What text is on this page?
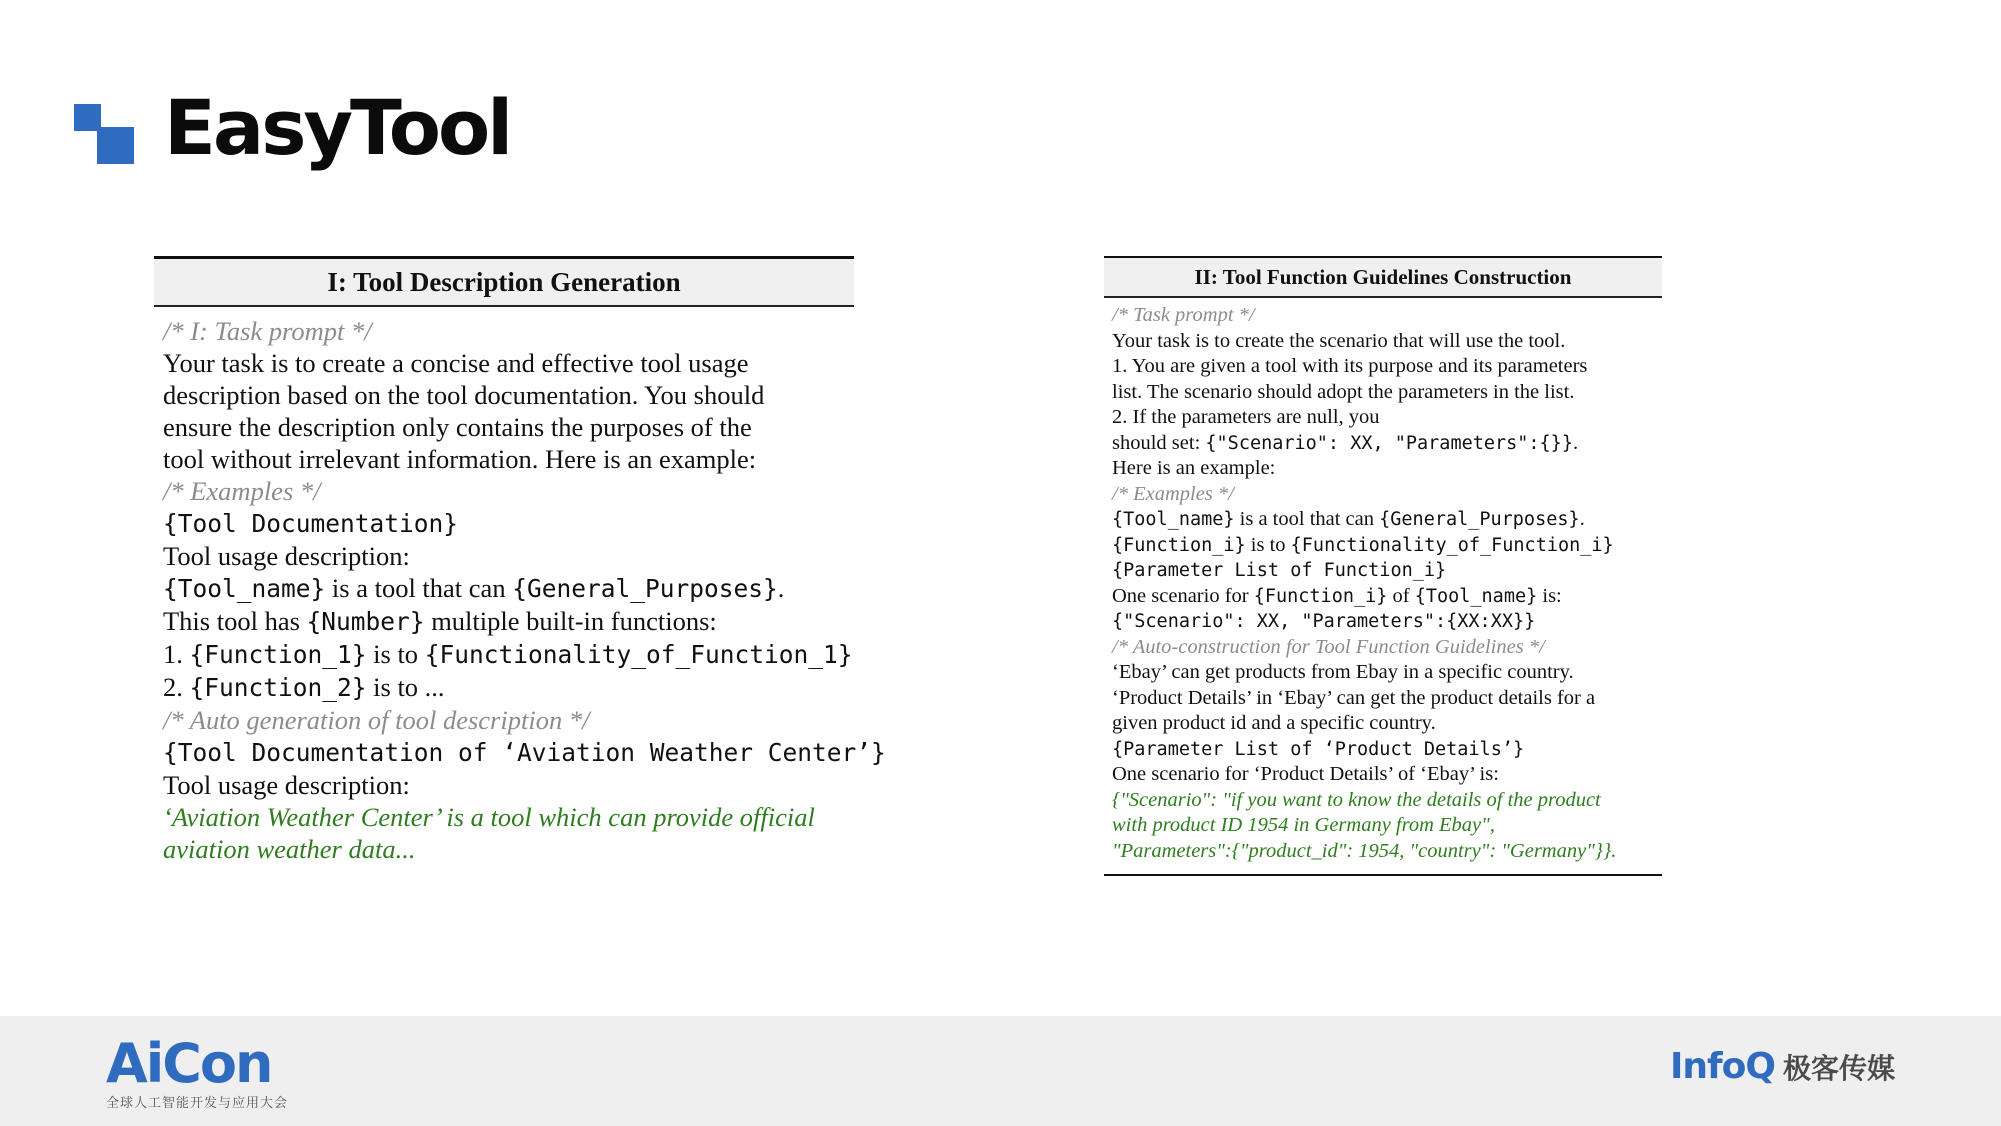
EasyTool
I: Tool Description Generation
/* I: Task prompt */
Your task is to create a concise and effective tool usage
description based on the tool documentation. You should
ensure the description only contains the purposes of the
tool without irrelevant information. Here is an example:
/* Examples */
{Tool Documentation}
Tool usage description:
{Tool_name} is a tool that can {General_Purposes}.
This tool has {Number} multiple built-in functions:
1. {Function_1} is to {Functionality_of_Function_1}
2. {Function_2} is to ...
/* Auto generation of tool description */
{Tool Documentation of ‘Aviation Weather Center’}
Tool usage description:
‘Aviation Weather Center’ is a tool which can provide official
aviation weather data...
II: Tool Function Guidelines Construction
/* Task prompt */
Your task is to create the scenario that will use the tool.
1. You are given a tool with its purpose and its parameters
list. The scenario should adopt the parameters in the list.
2. If the parameters are null, you
should set: {"Scenario": XX, "Parameters":{}}.
Here is an example:
/* Examples */
{Tool_name} is a tool that can {General_Purposes}.
{Function_i} is to {Functionality_of_Function_i}
{Parameter List of Function_i}
One scenario for {Function_i} of {Tool_name} is:
{"Scenario": XX, "Parameters":{XX:XX}}
/* Auto-construction for Tool Function Guidelines */
‘Ebay’ can get products from Ebay in a specific country.
‘Product Details’ in ‘Ebay’ can get the product details for a
given product id and a specific country.
{Parameter List of ‘Product Details’}
One scenario for ‘Product Details’ of ‘Ebay’ is:
{"Scenario": "if you want to know the details of the product
with product ID 1954 in Germany from Ebay",
"Parameters":{"product_id": 1954, "country": "Germany"}}.
AiCon
全球人工智能开发与应用大会
InfoQ 极客传媒
